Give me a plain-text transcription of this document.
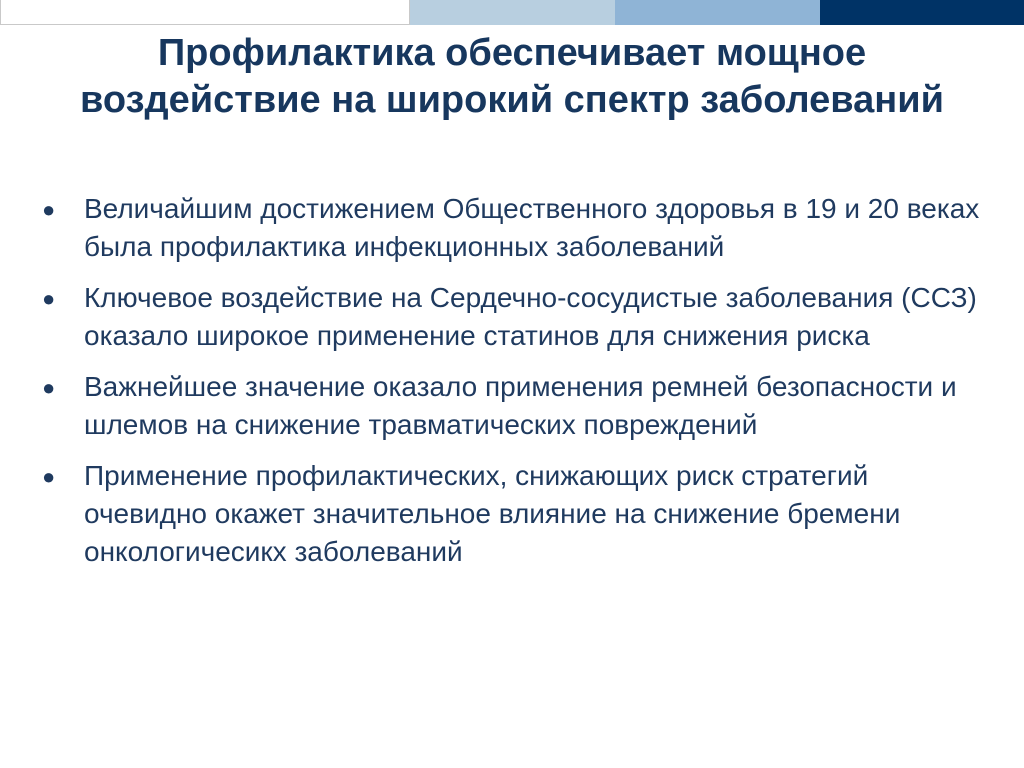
Профилактика обеспечивает мощное воздействие на широкий спектр заболеваний
●	Величайшим достижением Общественного здоровья в 19 и 20 веках была профилактика инфекционных заболеваний
●	Ключевое воздействие на Сердечно-сосудистые заболевания (ССЗ) оказало широкое применение статинов для снижения риска
●	Важнейшее значение оказало применения ремней безопасности и шлемов на снижение травматических повреждений
●	Применение профилактических, снижающих риск стратегий очевидно окажет значительное влияние на снижение бремени онкологичесикх заболеваний
